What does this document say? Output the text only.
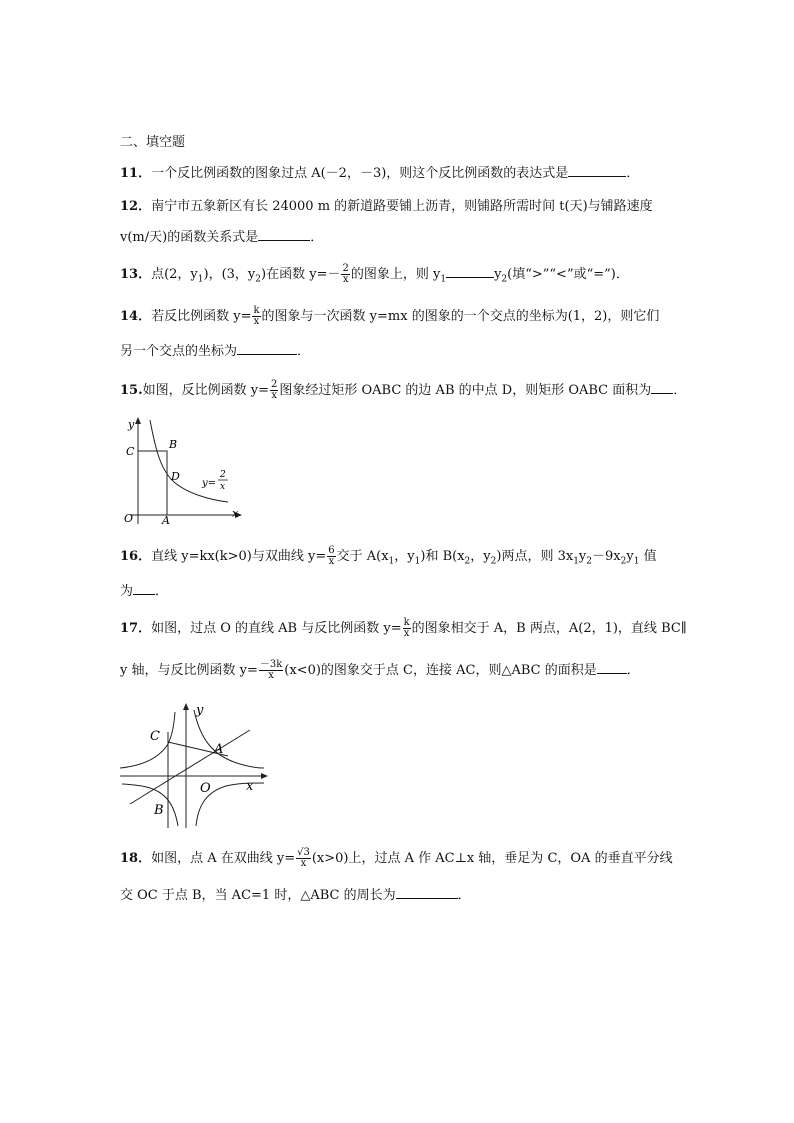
二、填空题
11．一个反比例函数的图象过点 A(－2，－3)，则这个反比例函数的表达式是	．
12．南宁市五象新区有长 24000 m 的新道路要铺上沥青，则铺路所需时间 t(天)与铺路速度
v(m/天)的函数关系式是	．
13．点(2，$y_1$)，(3，$y_2$)在函数 $y=- \frac{2}{x}$ 的图象上，则 $y_1$	$y_2$(填“>”“<”或“=”)．
14．若反比例函数 $y= \frac{k}{x}$ 的图象与一次函数 y=mx 的图象的一个交点的坐标为(1，2)，则它们
另一个交点的坐标为	．
15.如图，反比例函数 $y= \frac{2}{x}$ 图象经过矩形 OABC 的边 AB 的中点 D，则矩形 OABC 面积为 ．
y
x
O	A
B
C
D
y=
2
x
16．直线 y=kx(k>0)与双曲线 $y= \frac{6}{x}$ 交于 $A(x_1$，$y_1$)和 $B(x_2$，$y_2$)两点，则 $3x_1y_2-9x_2y_1$ 值
为 ．
17．如图，过点 O 的直线 AB 与反比例函数 $y= \frac{k}{x}$ 的图象相交于 A，B 两点，A(2，1)，直线 BC∥
y 轴，与反比例函数 $y= \frac{-3k}{x} (x<0)$的图象交于点 C，连接 AC，则△ABC 的面积是 ．
y
x
O
A
B
C
18．如图，点 A 在双曲线 $y= \frac{√3}{x} (x>0)$上，过点 A 作 AC⊥x 轴，垂足为 C，OA 的垂直平分线
交 OC 于点 B，当 AC=1 时，△ABC 的周长为	．
